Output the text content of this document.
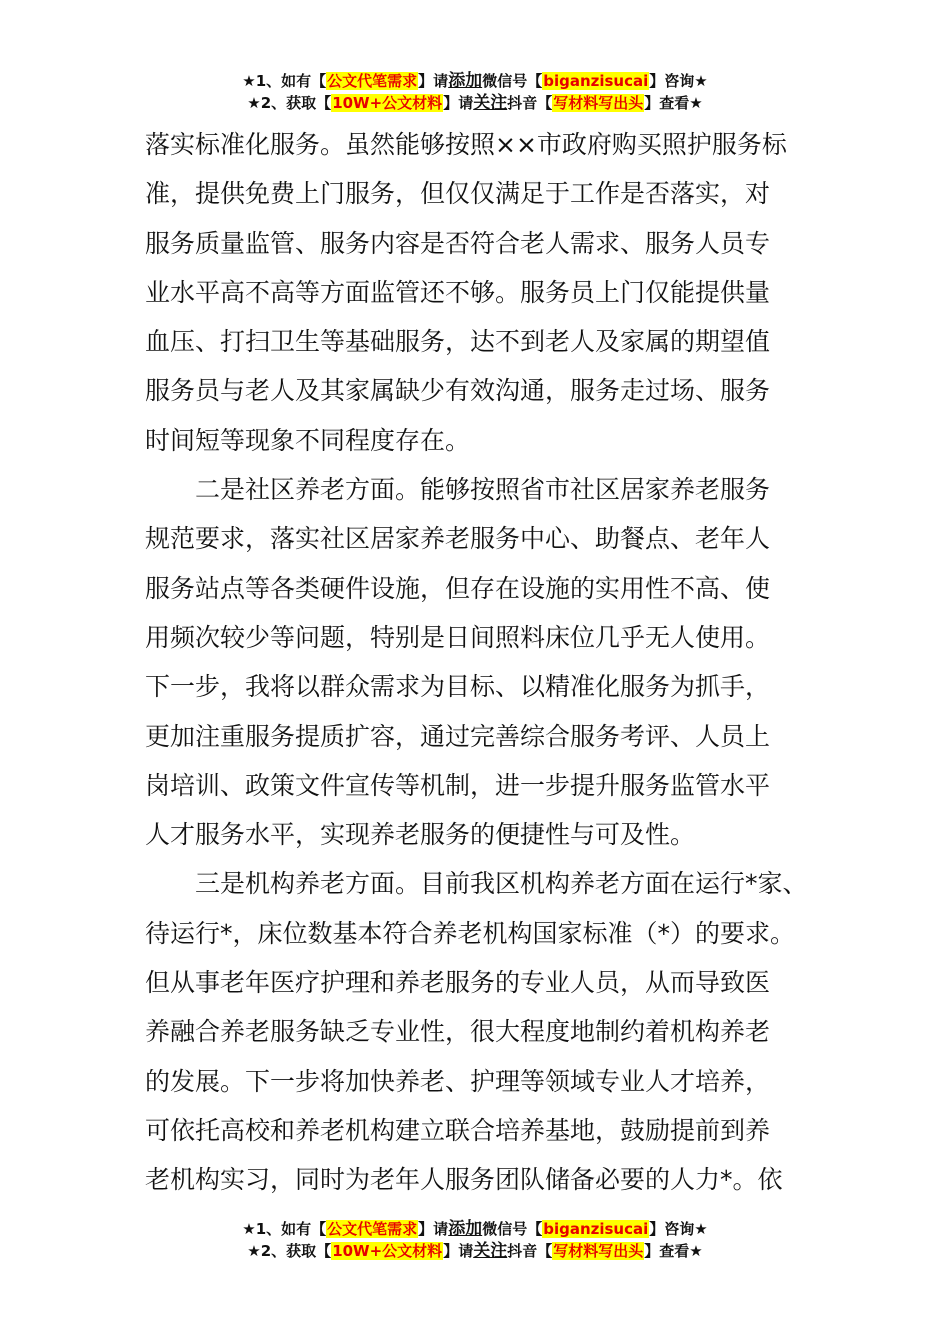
★1、如有【公文代笔需求】请添加微信号【biganzisucai】咨询★
★2、获取【10W+公文材料】请关注抖音【写材料写出头】查看★
落实标准化服务。虽然能够按照××市政府购买照护服务标
准，提供免费上门服务，但仅仅满足于工作是否落实，对
服务质量监管、服务内容是否符合老人需求、服务人员专
业水平高不高等方面监管还不够。服务员上门仅能提供量
血压、打扫卫生等基础服务，达不到老人及家属的期望值
服务员与老人及其家属缺少有效沟通，服务走过场、服务
时间短等现象不同程度存在。
二是社区养老方面。能够按照省市社区居家养老服务
规范要求，落实社区居家养老服务中心、助餐点、老年人
服务站点等各类硬件设施，但存在设施的实用性不高、使
用频次较少等问题，特别是日间照料床位几乎无人使用。
下一步，我将以群众需求为目标、以精准化服务为抓手，
更加注重服务提质扩容，通过完善综合服务考评、人员上
岗培训、政策文件宣传等机制，进一步提升服务监管水平
人才服务水平，实现养老服务的便捷性与可及性。
三是机构养老方面。目前我区机构养老方面在运行*家、
待运行*，床位数基本符合养老机构国家标准（*）的要求。
但从事老年医疗护理和养老服务的专业人员，从而导致医
养融合养老服务缺乏专业性，很大程度地制约着机构养老
的发展。下一步将加快养老、护理等领域专业人才培养，
可依托高校和养老机构建立联合培养基地，鼓励提前到养
老机构实习，同时为老年人服务团队储备必要的人力*。依
★1、如有【公文代笔需求】请添加微信号【biganzisucai】咨询★
★2、获取【10W+公文材料】请关注抖音【写材料写出头】查看★
